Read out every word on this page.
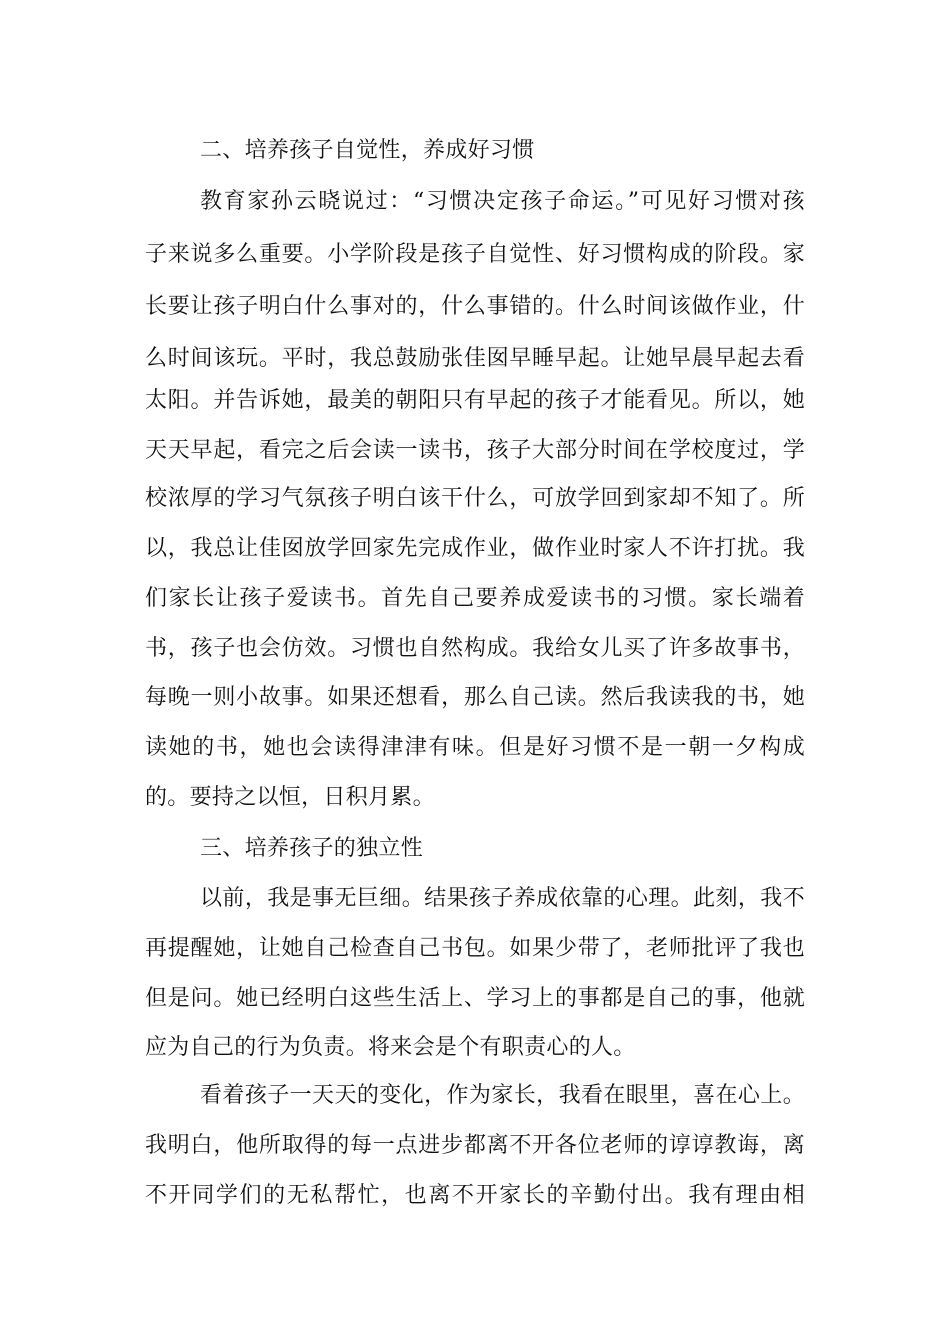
二、培养孩子自觉性，养成好习惯
教育家孙云晓说过：“习惯决定孩子命运。”可见好习惯对孩
子来说多么重要。小学阶段是孩子自觉性、好习惯构成的阶段。家
长要让孩子明白什么事对的，什么事错的。什么时间该做作业，什
么时间该玩。平时，我总鼓励张佳囡早睡早起。让她早晨早起去看
太阳。并告诉她，最美的朝阳只有早起的孩子才能看见。所以，她
天天早起，看完之后会读一读书，孩子大部分时间在学校度过，学
校浓厚的学习气氛孩子明白该干什么，可放学回到家却不知了。所
以，我总让佳囡放学回家先完成作业，做作业时家人不许打扰。我
们家长让孩子爱读书。首先自己要养成爱读书的习惯。家长端着
书，孩子也会仿效。习惯也自然构成。我给女儿买了许多故事书，
每晚一则小故事。如果还想看，那么自己读。然后我读我的书，她
读她的书，她也会读得津津有味。但是好习惯不是一朝一夕构成
的。要持之以恒，日积月累。
三、培养孩子的独立性
以前，我是事无巨细。结果孩子养成依靠的心理。此刻，我不
再提醒她，让她自己检查自己书包。如果少带了，老师批评了我也
但是问。她已经明白这些生活上、学习上的事都是自己的事，他就
应为自己的行为负责。将来会是个有职责心的人。
看着孩子一天天的变化，作为家长，我看在眼里，喜在心上。
我明白，他所取得的每一点进步都离不开各位老师的谆谆教诲，离
不开同学们的无私帮忙，也离不开家长的辛勤付出。我有理由相
